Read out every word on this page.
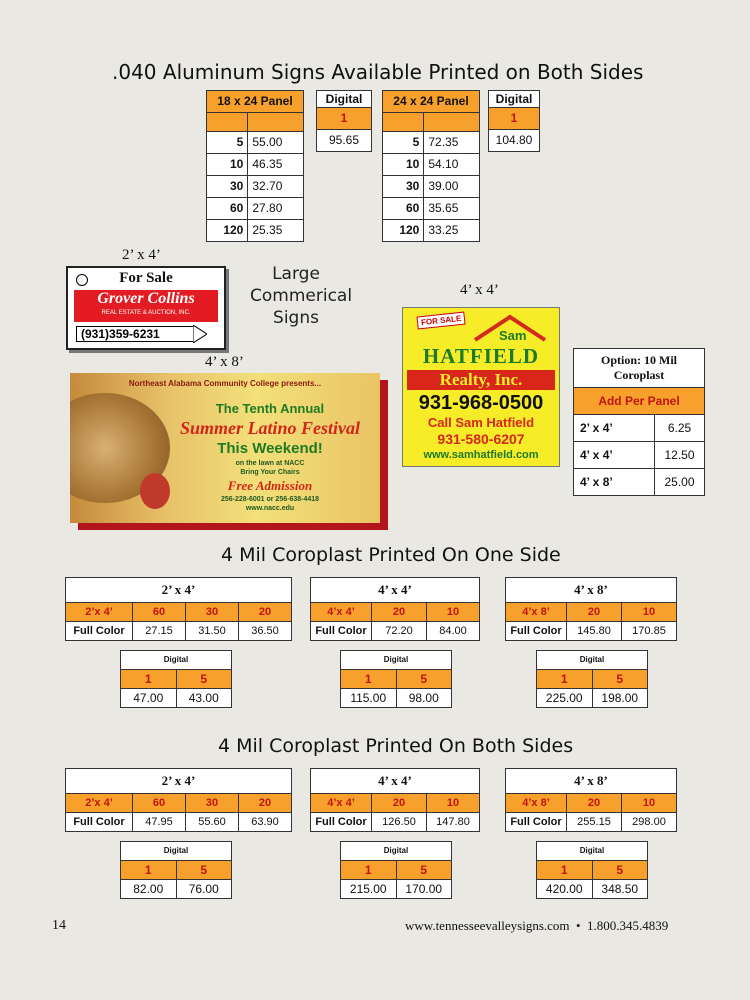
.040 Aluminum Signs Available Printed on Both Sides
18 x 24 Panel	

5	55.00
10	46.35
30	32.70
60	27.80
120	25.35
Digital
1
95.65
24 x 24 Panel	

5	72.35
10	54.10
30	39.00
60	35.65
120	33.25
Digital
1
104.80
2’ x 4’
Large
Commerical
Signs
4’ x 4’
4’ x 8’
For Sale
Grover Collins
REAL ESTATE & AUCTION, INC.
(931)359-6231
Northeast Alabama Community College presents...
The Tenth Annual
Summer Latino Festival
This Weekend!
on the lawn at NACC
Bring Your Chairs
Free Admission
256-228-6001 or 256-638-4418
www.nacc.edu
FOR SALE
Sam
HATFIELD
Realty, Inc.
931-968-0500
Call Sam Hatfield
931-580-6207
www.samhatfield.com
Option: 10 Mil
Coroplast
Add Per Panel
2’ x 4’	6.25
4’ x 4’	12.50
4’ x 8’	25.00
4 Mil Coroplast Printed On One Side
2’ x 4’
2’x 4’	60	30	20
Full Color	27.15	31.50	36.50
4’ x 4’
4’x 4’	20	10
Full Color	72.20	84.00
4’ x 8’
4’x 8’	20	10
Full Color	145.80	170.85
Digital
1	5
47.00	43.00
Digital
1	5
115.00	98.00
Digital
1	5
225.00	198.00
4 Mil Coroplast Printed On Both Sides
2’ x 4’
2’x 4’	60	30	20
Full Color	47.95	55.60	63.90
4’ x 4’
4’x 4’	20	10
Full Color	126.50	147.80
4’ x 8’
4’x 8’	20	10
Full Color	255.15	298.00
Digital
1	5
82.00	76.00
Digital
1	5
215.00	170.00
Digital
1	5
420.00	348.50
14	www.tennesseevalleysigns.com  •  1.800.345.4839
